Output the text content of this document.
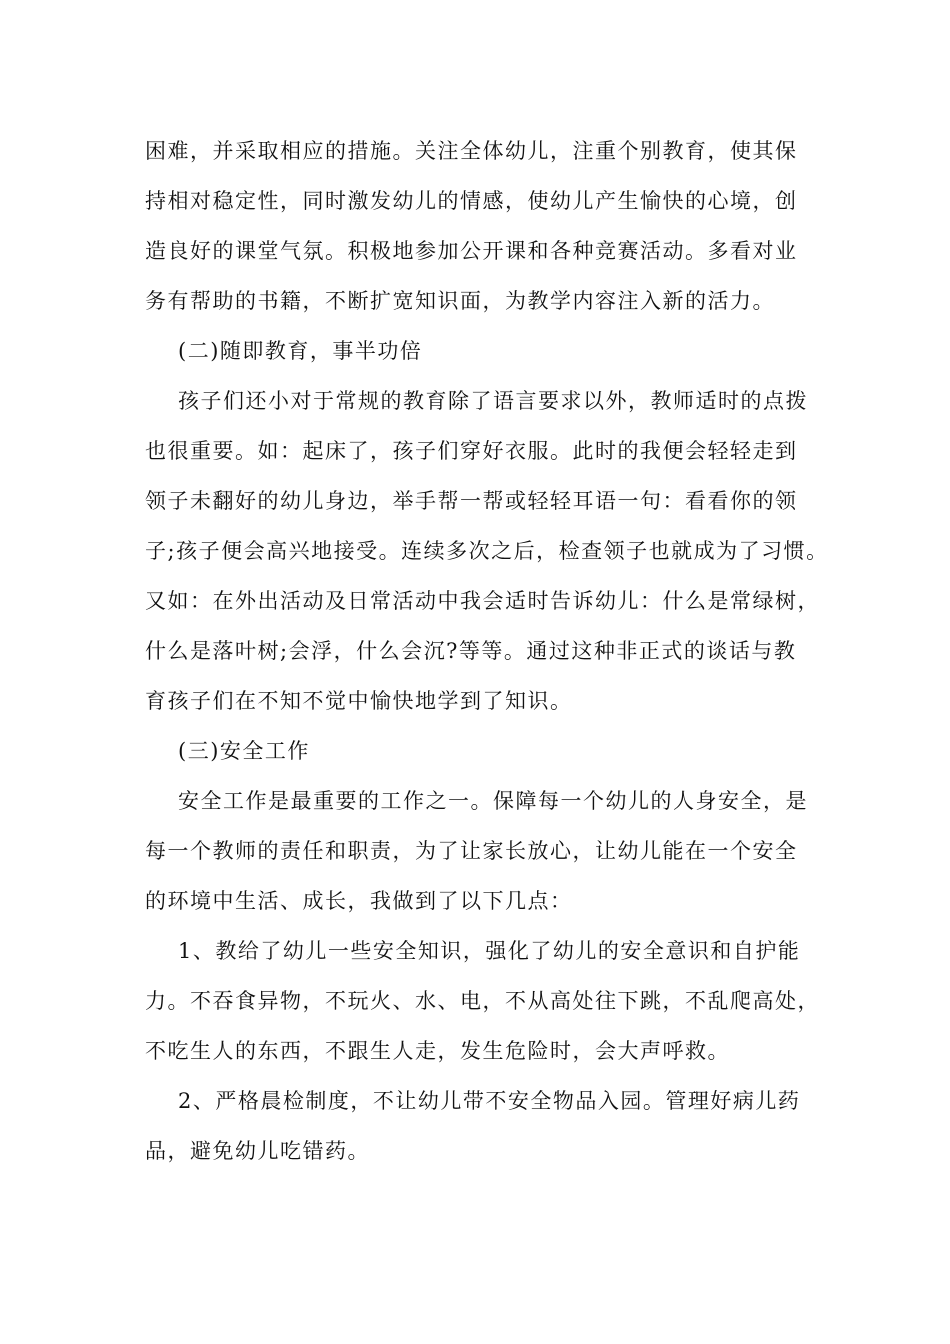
困难，并采取相应的措施。关注全体幼儿，注重个别教育，使其保
持相对稳定性，同时激发幼儿的情感，使幼儿产生愉快的心境，创
造良好的课堂气氛。积极地参加公开课和各种竞赛活动。多看对业
务有帮助的书籍，不断扩宽知识面，为教学内容注入新的活力。
(二)随即教育，事半功倍
孩子们还小对于常规的教育除了语言要求以外，教师适时的点拨
也很重要。如：起床了，孩子们穿好衣服。此时的我便会轻轻走到
领子未翻好的幼儿身边，举手帮一帮或轻轻耳语一句：看看你的领
子;孩子便会高兴地接受。连续多次之后，检查领子也就成为了习惯。
又如：在外出活动及日常活动中我会适时告诉幼儿：什么是常绿树，
什么是落叶树;会浮，什么会沉?等等。通过这种非正式的谈话与教
育孩子们在不知不觉中愉快地学到了知识。
(三)安全工作
安全工作是最重要的工作之一。保障每一个幼儿的人身安全，是
每一个教师的责任和职责，为了让家长放心，让幼儿能在一个安全
的环境中生活、成长，我做到了以下几点：
1、教给了幼儿一些安全知识，强化了幼儿的安全意识和自护能
力。不吞食异物，不玩火、水、电，不从高处往下跳，不乱爬高处，
不吃生人的东西，不跟生人走，发生危险时，会大声呼救。
2、严格晨检制度，不让幼儿带不安全物品入园。管理好病儿药
品，避免幼儿吃错药。
